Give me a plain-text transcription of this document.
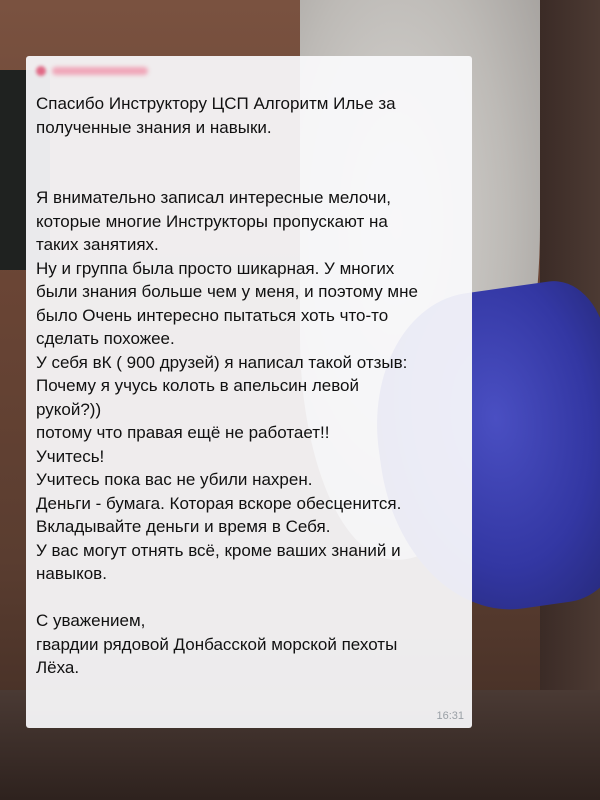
Спасибо Инструктору ЦСП Алгоритм Илье за
полученные знания и навыки.

Я внимательно записал интересные мелочи,
которые многие Инструкторы пропускают на
таких занятиях.
Ну и группа была просто шикарная. У многих
были знания больше чем у меня, и поэтому мне
было Очень интересно пытаться хоть что-то
сделать похожее.
У себя вК ( 900 друзей) я написал такой отзыв:
Почему я учусь колоть в апельсин левой
рукой?))
потому что правая ещё не работает!!
Учитесь!
Учитесь пока вас не убили нахрен.
Деньги - бумага. Которая вскоре обесценится.
Вкладывайте деньги и время в Себя.
У вас могут отнять всё, кроме ваших знаний и
навыков.

С уважением,
гвардии рядовой Донбасской морской пехоты
Лёха.

16:31
